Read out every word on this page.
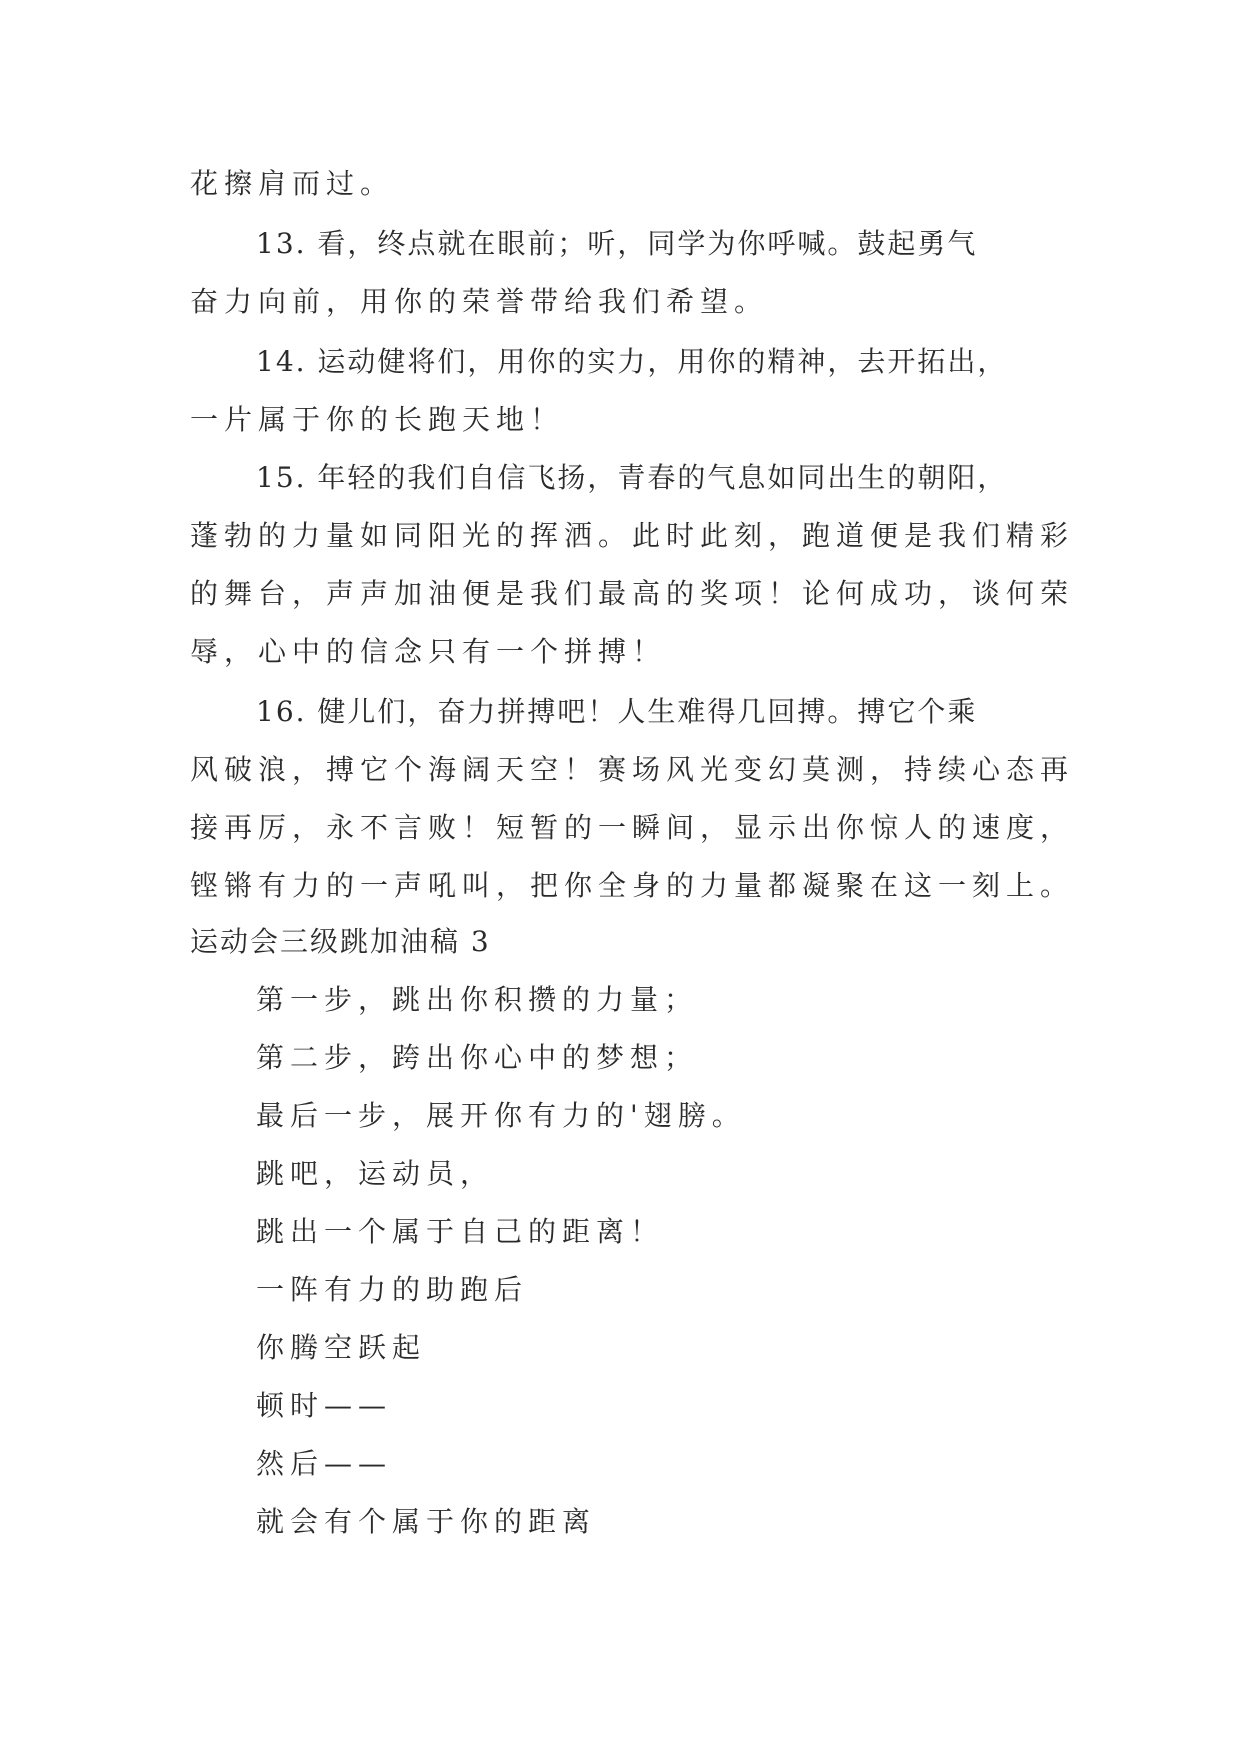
花擦肩而过。
13. 看，终点就在眼前；听，同学为你呼喊。鼓起勇气
奋力向前，用你的荣誉带给我们希望。
14. 运动健将们，用你的实力，用你的精神，去开拓出，
一片属于你的长跑天地！
15. 年轻的我们自信飞扬，青春的气息如同出生的朝阳，
蓬勃的力量如同阳光的挥洒。此时此刻，跑道便是我们精彩
的舞台，声声加油便是我们最高的奖项！论何成功，谈何荣
辱，心中的信念只有一个拼搏！
16. 健儿们，奋力拼搏吧！人生难得几回搏。搏它个乘
风破浪，搏它个海阔天空！赛场风光变幻莫测，持续心态再
接再厉，永不言败！短暂的一瞬间，显示出你惊人的速度，
铿锵有力的一声吼叫，把你全身的力量都凝聚在这一刻上。
运动会三级跳加油稿 3
第一步，跳出你积攒的力量；
第二步，跨出你心中的梦想；
最后一步，展开你有力的'翅膀。
跳吧，运动员，
跳出一个属于自己的距离！
一阵有力的助跑后
你腾空跃起
顿时——
然后——
就会有个属于你的距离
